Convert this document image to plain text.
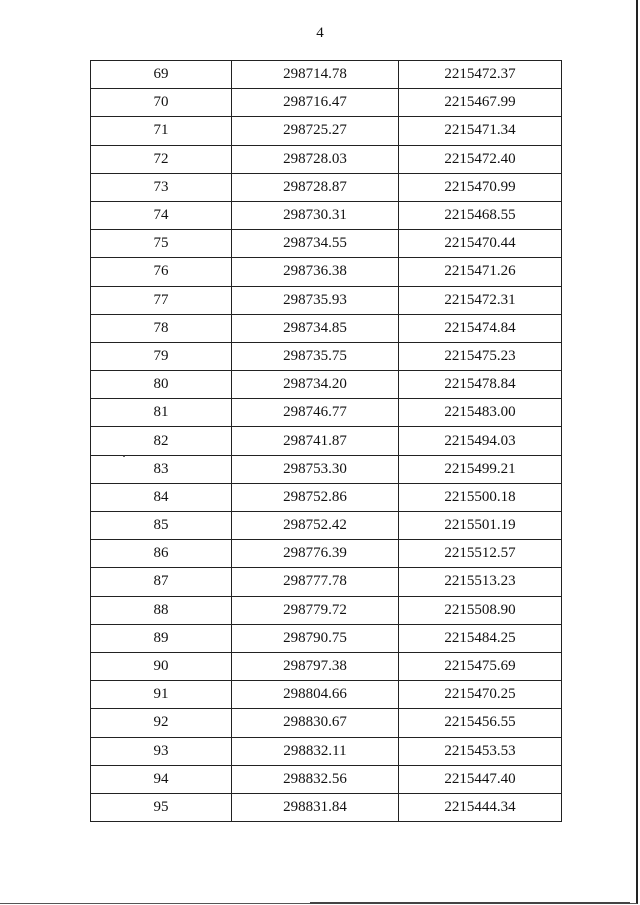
4
69	298714.78	2215472.37
70	298716.47	2215467.99
71	298725.27	2215471.34
72	298728.03	2215472.40
73	298728.87	2215470.99
74	298730.31	2215468.55
75	298734.55	2215470.44
76	298736.38	2215471.26
77	298735.93	2215472.31
78	298734.85	2215474.84
79	298735.75	2215475.23
80	298734.20	2215478.84
81	298746.77	2215483.00
82	298741.87	2215494.03
83	298753.30	2215499.21
84	298752.86	2215500.18
85	298752.42	2215501.19
86	298776.39	2215512.57
87	298777.78	2215513.23
88	298779.72	2215508.90
89	298790.75	2215484.25
90	298797.38	2215475.69
91	298804.66	2215470.25
92	298830.67	2215456.55
93	298832.11	2215453.53
94	298832.56	2215447.40
95	298831.84	2215444.34
